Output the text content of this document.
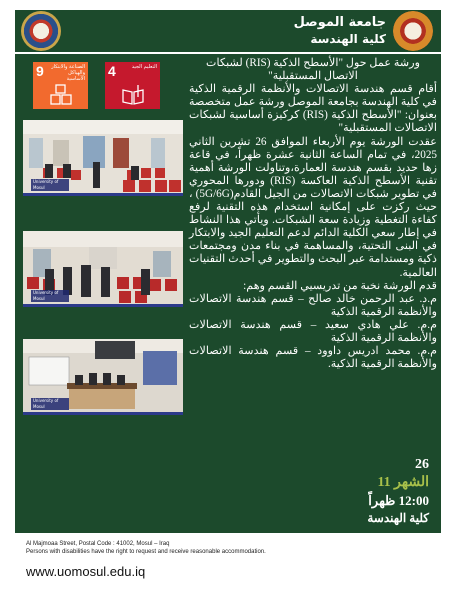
جامعة الموصل
كلية الهندسة
9	الصناعة والابتكار والهياكل الأساسية 4	التعليم الجيد
University of Mosul
University of Mosul
University of Mosul

ورشة عمل حول "الأسطح الذكية (RIS) لشبكات الاتصال المستقبلية"

أقام قسم هندسة الاتصالات والأنظمة الرقمية الذكية في كلية الهندسة بجامعة الموصل ورشة عمل متخصصة بعنوان: "الأسطح الذكية (RIS) كركيزة أساسية لشبكات الاتصالات المستقبلية"

عقدت الورشة يوم الأربعاء الموافق 26 تشرين الثاني 2025، في تمام الساعة الثانية عشرة ظهراً، في قاعة زها حديد بقسم هندسة العمارة،وتناولت الورشة أهمية تقنية الأسطح الذكية العاكسة (RIS) ودورها المحوري في تطوير شبكات الاتصالات من الجيل القادم(5G/6G) ، حيث ركزت على إمكانية استخدام هذه التقنية لرفع كفاءة التغطية وزيادة سعة الشبكات. ويأتي هذا النشاط في إطار سعي الكلية الدائم لدعم التعليم الجيد والابتكار في البنى التحتية، والمساهمة في بناء مدن ومجتمعات ذكية ومستدامة عبر البحث والتطوير في أحدث التقنيات العالمية.

قدم الورشة نخبة من تدريسيي القسم وهم:

م.د. عبد الرحمن خالد صالح – قسم هندسة الاتصالات والأنظمة الرقمية الذكية

م.م. علي هادي سعيد – قسم هندسة الاتصالات والأنظمة الرقمية الذكية

م.م. محمد ادريس داوود – قسم هندسة الاتصالات والأنظمة الرقمية الذكية.

26
الشهر 11
12:00 ظهراً
كلية الهندسة
Al Majmoaa Street, Postal Code : 41002, Mosul – Iraq
Persons with disabilities have the right to request and receive reasonable accommodation.
www.uomosul.edu.iq
